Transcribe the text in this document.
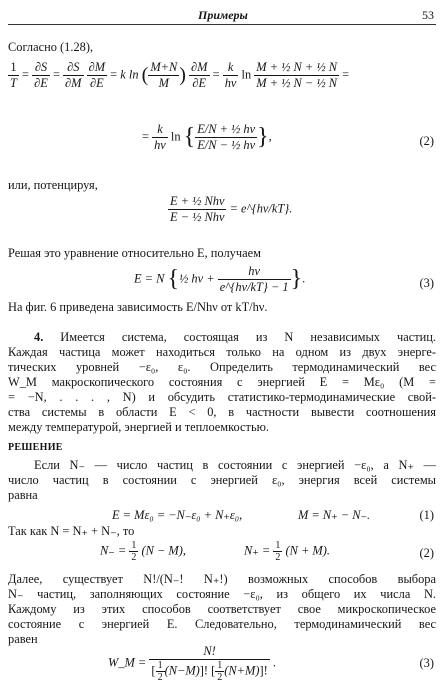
Примеры	53
Согласно (1.28),
$\frac{1}{T} = \frac{\partial S}{\partial E} = \frac{\partial S}{\partial M}$
$\frac{\partial M}{\partial E} = k$ ln ( $\frac{M+N}{M}$ ) $\frac{\partial M}{\partial E} = \frac{k}{h\nu}$ $\ln \frac{\text{M + ½ N + ½ N}}{\text{M + ½ N − ½ N}}$ =
= $\frac{k}{h\nu}$ ln { $\frac{\text{E/N + ½ hν}}{\text{E/N − ½ hν}}$ },	(2)
или, потенцируя,
$\frac{\text{E + ½ Nhν}}{\text{E − ½ Nhν}}$ = e^{hν/kT}.
Решая это уравнение относительно E, получаем
E = N {½ $h\nu + \frac{h\nu}{e\^{}\{h\nu/kT\} - 1}$ }.	(3)
На фиг. 6 приведена зависимость E/Nhν от kT/hν.
4. Имеется система, состоящая из N независимых частиц.
Каждая частица может находиться только на одном из двух энерге-
тических уровней −ε₀, ε₀. Определить термодинамический вес
W_M макроскопического состояния с энергией E = Mε₀ (M =
= −N, . . . , N) и обсудить статистико-термодинамические свой-
ства системы в области E < 0, в частности вывести соотношения
между температурой, энергией и теплоемкостью.
РЕШЕНИЕ
Если N₋ — число частиц в состоянии с энергией −ε₀, а N₊ —
число частиц в состоянии с энергией ε₀, энергия всей системы
равна
E = Mε₀ = −N₋ε₀ + N₊ε₀,	M = N₊ − N₋.	(1)
Так как N = N₊ + N₋, то
$N_- = \frac{1}{2} (N - M)$,	$N_+ = \frac{1}{2} (N + M)$.	(2)
Далее, существует N!/(N₋! N₊!) возможных способов выбора
N₋ частиц, заполняющих состояние −ε₀, из общего их числа N.
Каждому из этих способов соответствует свое микроскопическое
состояние с энергией E. Следовательно, термодинамический вес
равен
W_M = $\frac{N!}{[ \frac{1}{2} (N-M)]! [ \frac{1}{2} (N+M)]!}$ .	(3)
